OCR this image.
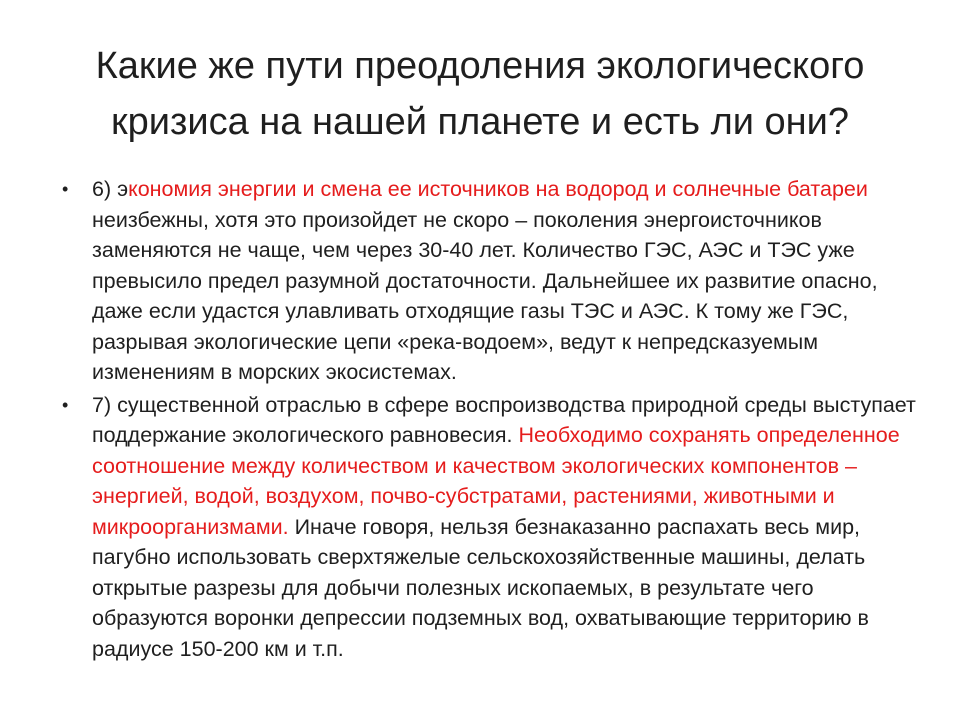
Какие же пути преодоления экологического
кризиса на нашей планете и есть ли они?
• 6) экономия энергии и смена ее источников на водород и солнечные батареи неизбежны, хотя это произойдет не скоро – поколения энергоисточников заменяются не чаще, чем через 30-40 лет. Количество ГЭС, АЭС и ТЭС уже превысило предел разумной достаточности. Дальнейшее их развитие опасно, даже если удастся улавливать отходящие газы ТЭС и АЭС. К тому же ГЭС, разрывая экологические цепи «река-водоем», ведут к непредсказуемым изменениям в морских экосистемах.
• 7) существенной отраслью в сфере воспроизводства природной среды выступает поддержание экологического равновесия. Необходимо сохранять определенное соотношение между количеством и качеством экологических компонентов – энергией, водой, воздухом, почво-субстратами, растениями, животными и микроорганизмами. Иначе говоря, нельзя безнаказанно распахать весь мир, пагубно использовать сверхтяжелые сельскохозяйственные машины, делать открытые разрезы для добычи полезных ископаемых, в результате чего образуются воронки депрессии подземных вод, охватывающие территорию в радиусе 150-200 км и т.п.
